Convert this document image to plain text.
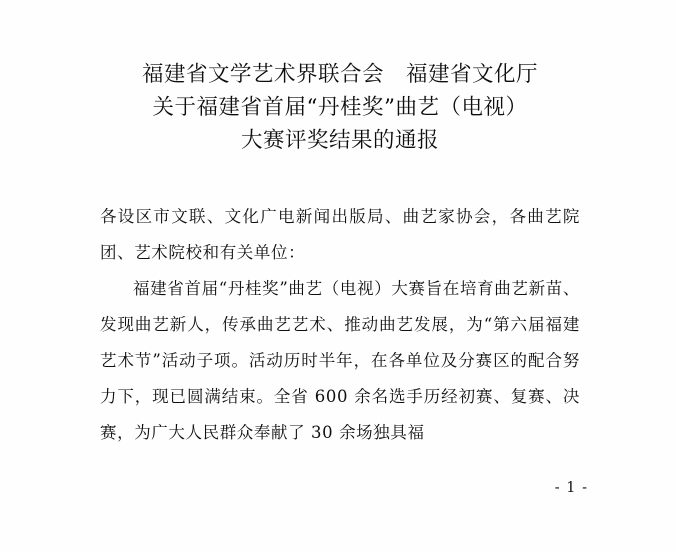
福建省文学艺术界联合会　福建省文化厅
关于福建省首届“丹桂奖”曲艺（电视）
大赛评奖结果的通报
各设区市文联、文化广电新闻出版局、曲艺家协会，各曲艺院团、艺术院校和有关单位：
福建省首届“丹桂奖”曲艺（电视）大赛旨在培育曲艺新苗、发现曲艺新人，传承曲艺艺术、推动曲艺发展，为“第六届福建艺术节”活动子项。活动历时半年，在各单位及分赛区的配合努力下，现已圆满结束。全省 600 余名选手历经初赛、复赛、决赛，为广大人民群众奉献了 30 余场独具福
- 1 -
